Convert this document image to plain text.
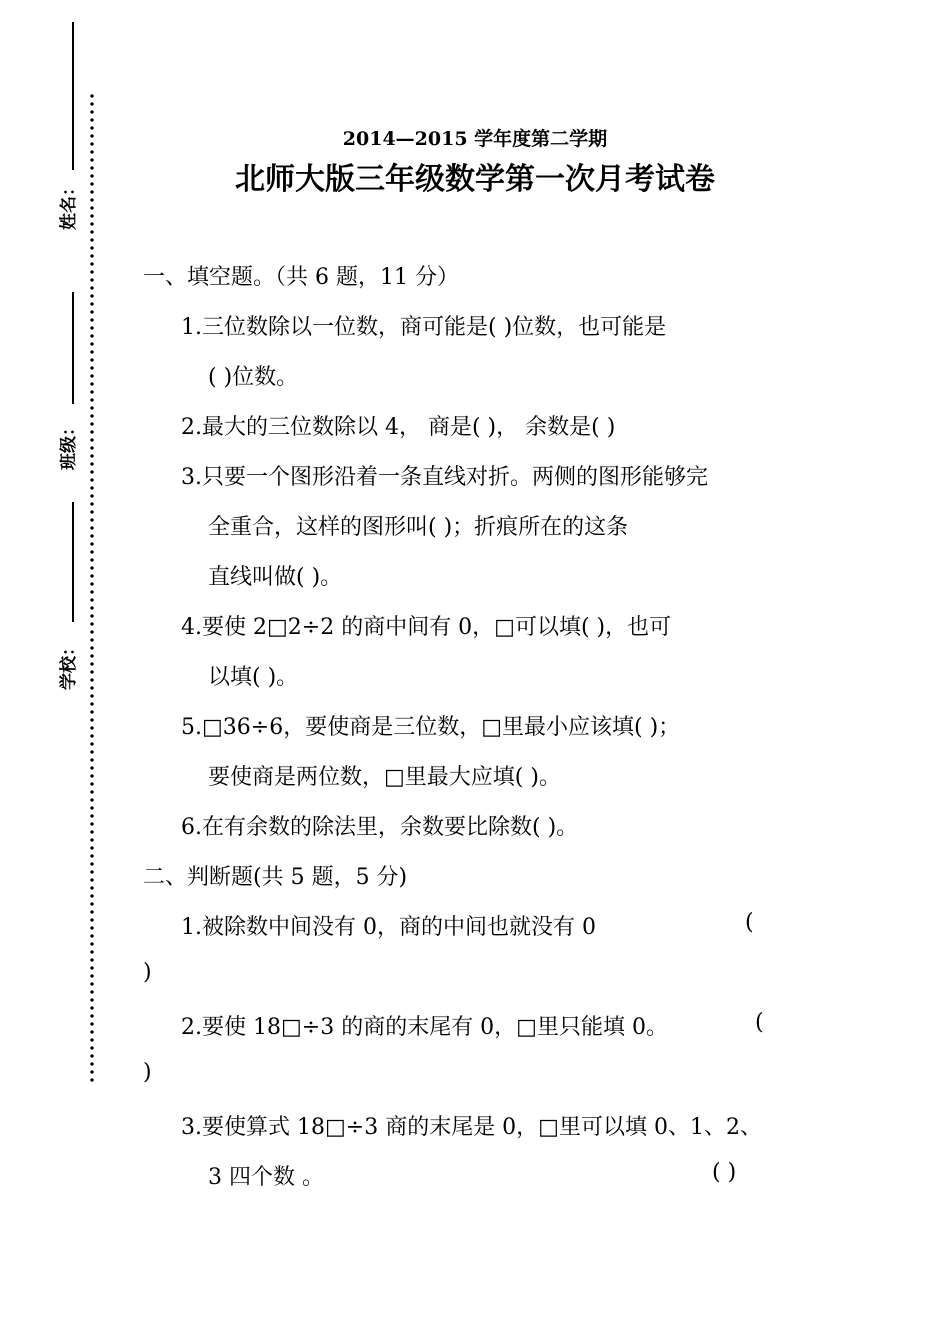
姓名：
班级：
学校：
2014—2015 学年度第二学期
北师大版三年级数学第一次月考试卷
一、填空题。（共 6 题，11 分）
1.三位数除以一位数，商可能是( )位数，也可能是
( )位数。
2.最大的三位数除以 4， 商是( )， 余数是( )
3.只要一个图形沿着一条直线对折。两侧的图形能够完
全重合，这样的图形叫( )；折痕所在的这条
直线叫做( )。
4.要使 2□2÷2 的商中间有 0，□可以填( )，也可
以填( )。
5.□36÷6，要使商是三位数，□里最小应该填( )；
要使商是两位数，□里最大应填( )。
6.在有余数的除法里，余数要比除数( )。
二、判断题(共 5 题，5 分)
1.被除数中间没有 0，商的中间也就没有 0	(
)
2.要使 18□÷3 的商的末尾有 0，□里只能填 0。	(
)
3.要使算式 18□÷3 商的末尾是 0，□里可以填 0、1、2、
3 四个数 。	( )
